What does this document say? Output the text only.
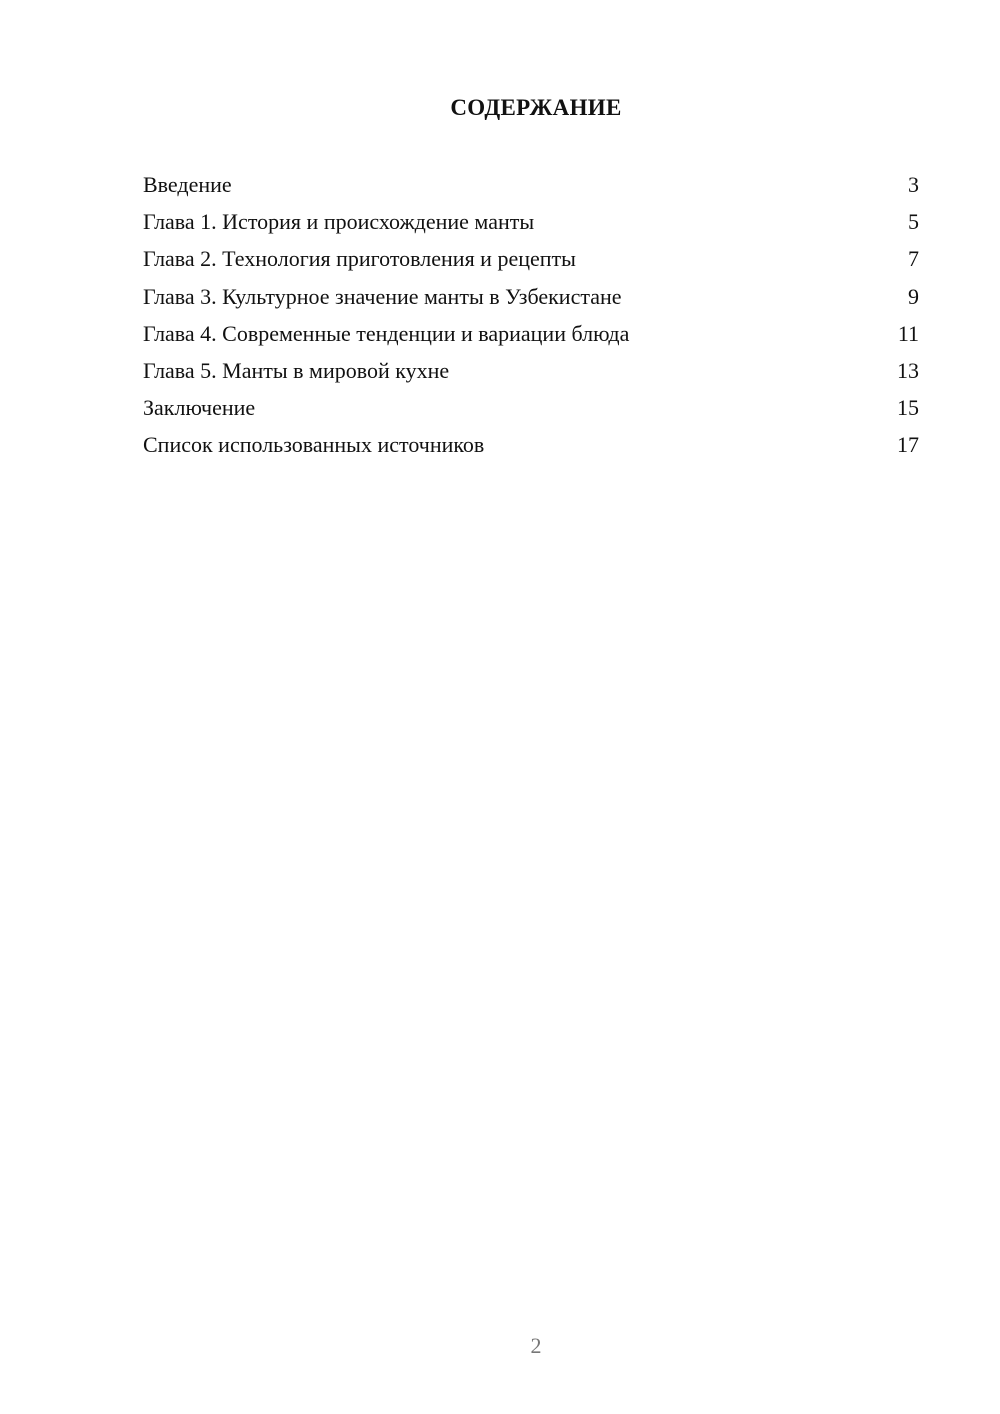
СОДЕРЖАНИЕ
Введение	3
Глава 1. История и происхождение манты	5
Глава 2. Технология приготовления и рецепты	7
Глава 3. Культурное значение манты в Узбекистане	9
Глава 4. Современные тенденции и вариации блюда	11
Глава 5. Манты в мировой кухне	13
Заключение	15
Список использованных источников	17
2
